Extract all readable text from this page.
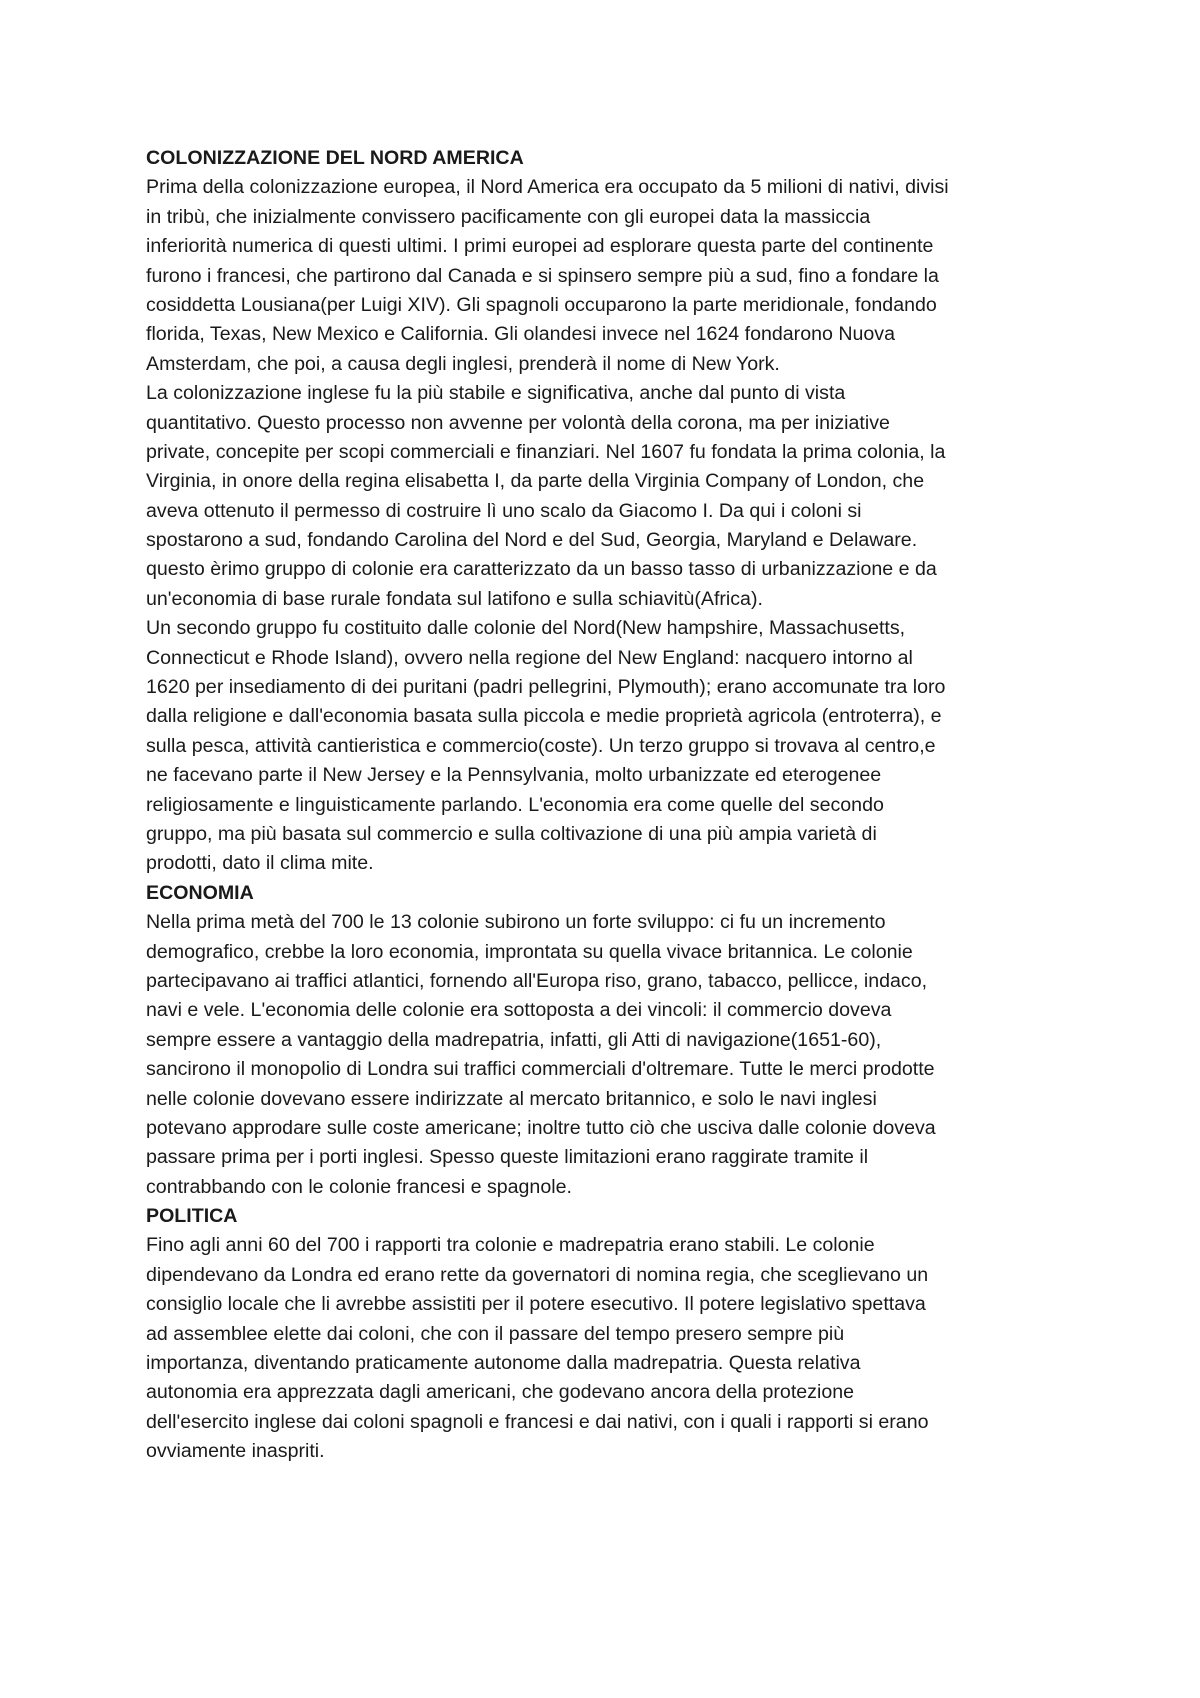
COLONIZZAZIONE DEL NORD AMERICA
Prima della colonizzazione europea, il Nord America era occupato da 5 milioni di nativi, divisi
in tribù, che inizialmente convissero pacificamente con gli europei data la massiccia
inferiorità numerica di questi ultimi. I primi europei ad esplorare questa parte del continente
furono i francesi, che partirono dal Canada e si spinsero sempre più a sud, fino a fondare la
cosiddetta Lousiana(per Luigi XIV). Gli spagnoli occuparono la parte meridionale, fondando
florida, Texas, New Mexico e California. Gli olandesi invece nel 1624 fondarono Nuova
Amsterdam, che poi, a causa degli inglesi, prenderà il nome di New York.
La colonizzazione inglese fu la più stabile e significativa, anche dal punto di vista
quantitativo. Questo processo non avvenne per volontà della corona, ma per iniziative
private, concepite per scopi commerciali e finanziari. Nel 1607 fu fondata la prima colonia, la
Virginia, in onore della regina elisabetta I, da parte della Virginia Company of London, che
aveva ottenuto il permesso di costruire lì uno scalo da Giacomo I. Da qui i coloni si
spostarono a sud, fondando Carolina del Nord e del Sud, Georgia, Maryland e Delaware.
questo èrimo gruppo di colonie era caratterizzato da un basso tasso di urbanizzazione e da
un'economia di base rurale fondata sul latifono e sulla schiavitù(Africa).
Un secondo gruppo fu costituito dalle colonie del Nord(New hampshire, Massachusetts,
Connecticut e Rhode Island), ovvero nella regione del New England: nacquero intorno al
1620 per insediamento di dei puritani (padri pellegrini, Plymouth); erano accomunate tra loro
dalla religione e dall'economia basata sulla piccola e medie proprietà agricola (entroterra), e
sulla pesca, attività cantieristica e commercio(coste). Un terzo gruppo si trovava al centro,e
ne facevano parte il New Jersey e la Pennsylvania, molto urbanizzate ed eterogenee
religiosamente e linguisticamente parlando. L'economia era come quelle del secondo
gruppo, ma più basata sul commercio e sulla coltivazione di una più ampia varietà di
prodotti, dato il clima mite.
ECONOMIA
Nella prima metà del 700 le 13 colonie subirono un forte sviluppo: ci fu un incremento
demografico, crebbe la loro economia, improntata su quella vivace britannica. Le colonie
partecipavano ai traffici atlantici, fornendo all'Europa riso, grano, tabacco, pellicce, indaco,
navi e vele. L'economia delle colonie era sottoposta a dei vincoli: il commercio doveva
sempre essere a vantaggio della madrepatria, infatti, gli Atti di navigazione(1651-60),
sancirono il monopolio di Londra sui traffici commerciali d'oltremare. Tutte le merci prodotte
nelle colonie dovevano essere indirizzate al mercato britannico, e solo le navi inglesi
potevano approdare sulle coste americane; inoltre tutto ciò che usciva dalle colonie doveva
passare prima per i porti inglesi. Spesso queste limitazioni erano raggirate tramite il
contrabbando con le colonie francesi e spagnole.
POLITICA
Fino agli anni 60 del 700 i rapporti tra colonie e madrepatria erano stabili. Le colonie
dipendevano da Londra ed erano rette da governatori di nomina regia, che sceglievano un
consiglio locale che li avrebbe assistiti per il potere esecutivo. Il potere legislativo spettava
ad assemblee elette dai coloni, che con il passare del tempo presero sempre più
importanza, diventando praticamente autonome dalla madrepatria. Questa relativa
autonomia era apprezzata dagli americani, che godevano ancora della protezione
dell'esercito inglese dai coloni spagnoli e francesi e dai nativi, con i quali i rapporti si erano
ovviamente inaspriti.
